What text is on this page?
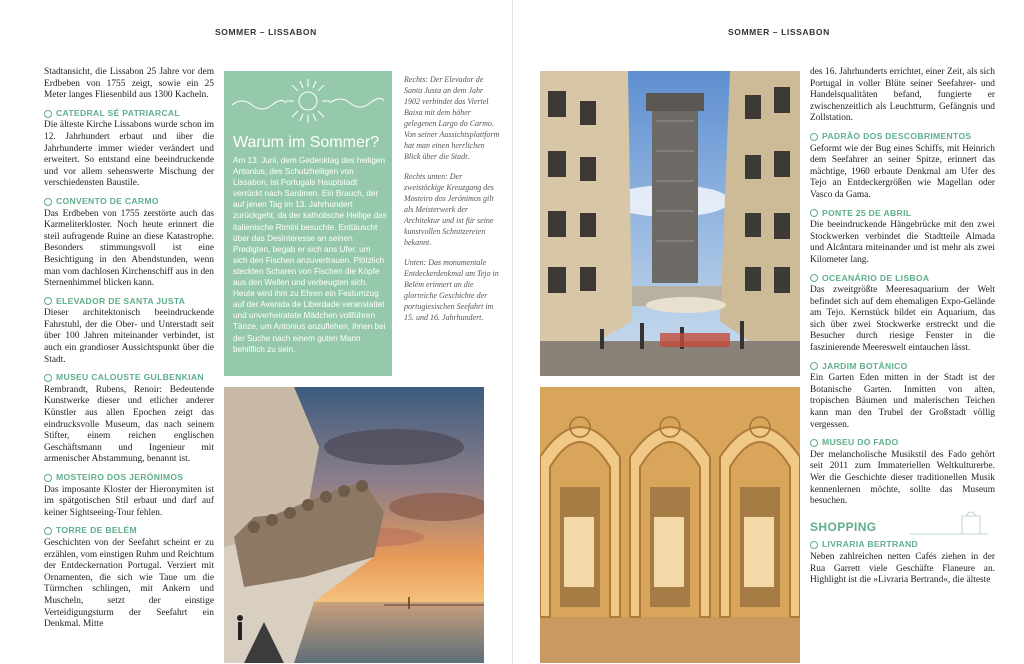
SOMMER – LISSABON

Stadtansicht, die Lissabon 25 Jahre vor dem Erdbeben von 1755 zeigt, sowie ein 25 Meter langes Fliesenbild aus 1300 Kacheln.

CATEDRAL SÉ PATRIARCAL

Die älteste Kirche Lissabons wurde schon im 12. Jahrhundert erbaut und über die Jahrhunderte immer wieder verändert und erweitert. So entstand eine beeindruckende und vor allem sehenswerte Mischung der verschiedensten Baustile.

CONVENTO DE CARMO

Das Erdbeben von 1755 zerstörte auch das Karmeliterkloster. Noch heute erinnert die steil aufragende Ruine an diese Katastrophe. Besonders stimmungsvoll ist eine Besichtigung in den Abendstunden, wenn man vom dachlosen Kirchenschiff aus in den Sternenhimmel blicken kann.

ELEVADOR DE SANTA JUSTA

Dieser architektonisch beeindruckende Fahrstuhl, der die Ober- und Unterstadt seit über 100 Jahren miteinander verbindet, ist auch ein grandioser Aussichtspunkt über die Stadt.

MUSEU CALOUSTE GULBENKIAN

Rembrandt, Rubens, Renoir: Bedeutende Kunstwerke dieser und etlicher anderer Künstler aus allen Epochen zeigt das eindrucksvolle Museum, das nach seinem Stifter, einem reichen englischen Geschäftsmann und Ingenieur mit armenischer Abstammung, benannt ist.

MOSTEIRO DOS JERÓNIMOS

Das imposante Kloster der Hieronymiten ist im spätgotischen Stil erbaut und darf auf keiner Sightseeing-Tour fehlen.

TORRE DE BELÉM

Geschichten von der Seefahrt scheint er zu erzählen, vom einstigen Ruhm und Reichtum der Entdeckernation Portugal. Verziert mit Ornamenten, die sich wie Taue um die Türmchen schlingen, mit Ankern und Muscheln, setzt der einstige Verteidigungsturm der Seefahrt ein Denkmal. Mitte

Warum im Sommer?
Am 13. Juni, dem Gedenktag des heiligen Antonius, des Schutzheiligen von Lissabon, ist Portugals Hauptstadt verrückt nach Sardinen. Ein Brauch, der auf jenen Tag im 13. Jahrhundert zurückgeht, da der katholische Heilige das italienische Rimini besuchte. Enttäuscht über das Desinteresse an seinen Predigten, begab er sich ans Ufer, um sich den Fischen anzuvertrauen. Plötzlich steckten Scharen von Fischen die Köpfe aus den Wellen und verbeugten sich. Heute wird ihm zu Ehren ein Festumzug auf der Avenida de Liberdade veranstaltet und unverheiratete Mädchen vollführen Tänze, um Antonius anzuflehen, ihnen bei der Suche nach einem guten Mann behilflich zu sein.

Rechts: Der Elevador de Santa Justa an dem Jahr 1902 verbindet das Viertel Baixa mit dem höher gelegenen Largo do Carmo. Von seiner Aussichtsplattform hat man einen herrlichen Blick über die Stadt.

Rechts unten: Der zweistöckige Kreuzgang des Mosteiro dos Jerónimos gilt als Meisterwerk der Architektur und ist für seine kunstvollen Schnitzereien bekannt.

Unten: Das monumentale Entdeckerdenkmal am Tejo in Belém erinnert an die glorreiche Geschichte der portugiesischen Seefahrt im 15. und 16. Jahrhundert.

SOMMER – LISSABON

des 16. Jahrhunderts errichtet, einer Zeit, als sich Portugal in voller Blüte seiner Seefahrer- und Handelsqualitäten befand, fungierte er zwischenzeitlich als Leuchtturm, Gefängnis und Zollstation.

PADRÃO DOS DESCOBRIMENTOS

Geformt wie der Bug eines Schiffs, mit Heinrich dem Seefahrer an seiner Spitze, erinnert das mächtige, 1960 erbaute Denkmal am Ufer des Tejo an Entdeckergrößen wie Magellan oder Vasco da Gama.

PONTE 25 DE ABRIL

Die beeindruckende Hängebrücke mit den zwei Stockwerken verbindet die Stadtteile Almada und Alcântara miteinander und ist mehr als zwei Kilometer lang.

OCEANÁRIO DE LISBOA

Das zweitgrößte Meeresaquarium der Welt befindet sich auf dem ehemaligen Expo-Gelände am Tejo. Kernstück bildet ein Aquarium, das sich über zwei Stockwerke erstreckt und die Besucher durch riesige Fenster in die faszinierende Meereswelt eintauchen lässt.

JARDIM BOTÂNICO

Ein Garten Eden mitten in der Stadt ist der Botanische Garten. Inmitten von alten, tropischen Bäumen und malerischen Teichen kann man den Trubel der Großstadt völlig vergessen.

MUSEU DO FADO

Der melancholische Musikstil des Fado gehört seit 2011 zum Immateriellen Weltkulturerbe. Wer die Geschichte dieser traditionellen Musik kennenlernen möchte, sollte das Museum besuchen.

SHOPPING
LIVRARIA BERTRAND

Neben zahlreichen netten Cafés ziehen in der Rua Garrett viele Geschäfte Flaneure an. Highlight ist die »Livraria Bertrand«, die älteste
